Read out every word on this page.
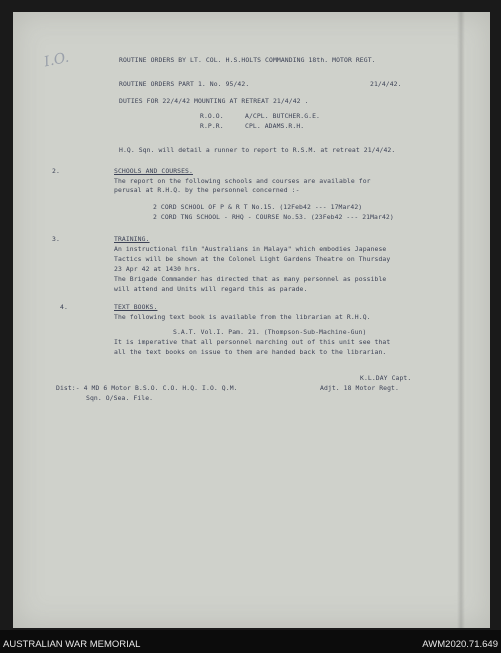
I.O.	ROUTINE ORDERS BY LT. COL. H.S.HOLTS COMMANDING 18th. MOTOR REGT.
ROUTINE ORDERS PART 1. No. 95/42.	21/4/42.
DUTIES FOR 22/4/42 MOUNTING AT RETREAT 21/4/42 .
R.O.O.	A/CPL. BUTCHER.G.E.
R.P.R.	CPL. ADAMS.R.H.
H.Q. Sqn. will detail a runner to report to R.S.M. at retreat 21/4/42.
2.	SCHOOLS AND COURSES.
The report on the following schools and courses are available for
perusal at R.H.Q. by the personnel concerned :-
2 CORD SCHOOL OF P & R T No.15. (12Feb42 --- 17Mar42)
2 CORD TNG SCHOOL - RHQ - COURSE No.53. (23Feb42 --- 21Mar42)
3.	TRAINING.
An instructional film "Australians in Malaya" which embodies Japanese
Tactics will be shown at the Colonel Light Gardens Theatre on Thursday
23 Apr 42 at 1430 hrs.
The Brigade Commander has directed that as many personnel as possible
will attend and Units will regard this as parade.
4.	TEXT BOOKS.
The following text book is available from the librarian at R.H.Q.
S.A.T. Vol.I. Pam. 21. (Thompson-Sub-Machine-Gun)
It is imperative that all personnel marching out of this unit see that
all the text books on issue to them are handed back to the librarian.
K.L.DAY Capt.
Adjt. 18 Motor Regt.
Dist:- 4 MD 6 Motor B.S.O. C.O. H.Q. I.O. Q.M.
Sqn. O/Sea. File.
AUSTRALIAN WAR MEMORIAL	AWM2020.71.649
